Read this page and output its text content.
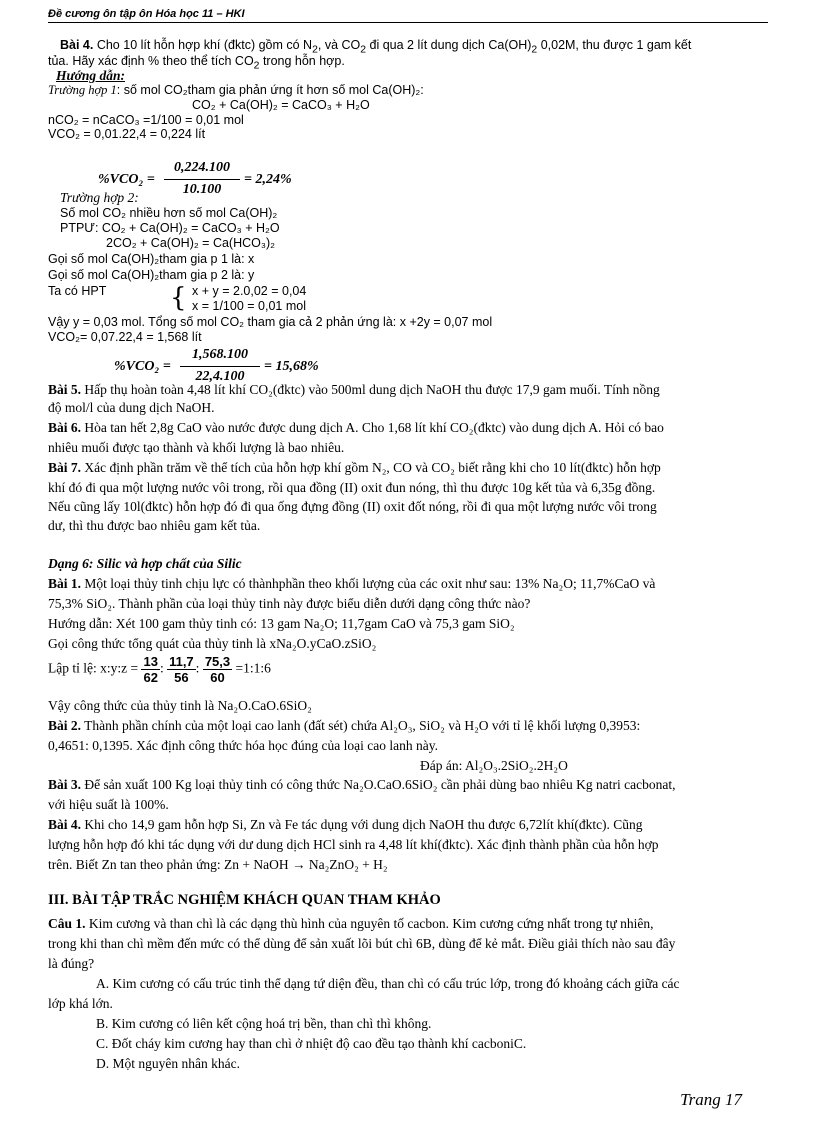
Đề cương ôn tập ôn Hóa học 11 – HKI
Bài 4. Cho 10 lít hỗn hợp khí (đktc) gồm có $N_2$, và $CO_2$ đi qua 2 lít dung dịch $Ca(OH)_2$ 0,02M, thu được 1 gam kết
tủa. Hãy xác định % theo thể tích $CO_2$ trong hỗn hợp.
Hướng dẫn:
Trường hợp 1: số mol CO₂tham gia phản ứng ít hơn số mol Ca(OH)₂:
CO₂ + Ca(OH)₂ = CaCO₃ + H₂O
nCO₂ = nCaCO₃ =1/100 = 0,01 mol
VCO₂ = 0,01.22,4 = 0,224 lít
%VCO₂ =
0,224.100
10.100
= 2,24%
Trường hợp 2:
Số mol CO₂ nhiều hơn số mol Ca(OH)₂
PTPƯ: CO₂ + Ca(OH)₂ = CaCO₃ + H₂O
2CO₂ + Ca(OH)₂ = Ca(HCO₃)₂
Gọi số mol Ca(OH)₂tham gia p 1 là: x
Gọi số mol Ca(OH)₂tham gia p 2 là: y
Ta có HPT { x + y = 2.0,02 = 0,04
x = 1/100 = 0,01 mol
Vậy y = 0,03 mol. Tổng số mol CO₂ tham gia cả 2 phản ứng là: x +2y = 0,07 mol
VCO₂= 0,07.22,4 = 1,568 lít
%VCO₂ =
1,568.100
22,4.100
= 15,68%
Bài 5. Hấp thụ hoàn toàn 4,48 lít khí CO₂(đktc) vào 500ml dung dịch NaOH thu được 17,9 gam muối. Tính nồng
độ mol/l của dung dịch NaOH.
Bài 6. Hòa tan hết 2,8g CaO vào nước được dung dịch A. Cho 1,68 lít khí CO₂(đktc) vào dung dịch A. Hỏi có bao
nhiêu muối được tạo thành và khối lượng là bao nhiêu.
Bài 7. Xác định phần trăm về thể tích của hỗn hợp khí gồm N₂, CO và CO₂ biết rằng khi cho 10 lít(đktc) hỗn hợp
khí đó đi qua một lượng nước vôi trong, rồi qua đồng (II) oxit đun nóng, thì thu được 10g kết tủa và 6,35g đồng.
Nếu cũng lấy 10l(đktc) hỗn hợp đó đi qua ống đựng đồng (II) oxit đốt nóng, rồi đi qua một lượng nước vôi trong
dư, thì thu được bao nhiêu gam kết tủa.
Dạng 6: Silic và hợp chất của Silic
Bài 1. Một loại thủy tinh chịu lực có thànhphần theo khối lượng của các oxit như sau: 13% Na₂O; 11,7%CaO và
75,3% SiO₂. Thành phần của loại thủy tinh này được biểu diễn dưới dạng công thức nào?
Hướng dẫn: Xét 100 gam thủy tinh có: 13 gam Na₂O; 11,7gam CaO và 75,3 gam SiO₂
Gọi công thức tổng quát của thủy tinh là xNa₂O.yCaO.zSiO₂
Lập tỉ lệ: x:y:z = $\frac{13}{62}$ : $\frac{11,7}{56}$ : $\frac{75,3}{60}$ =1:1:6
Vậy công thức của thủy tinh là Na₂O.CaO.6SiO₂
Bài 2. Thành phần chính của một loại cao lanh (đất sét) chứa Al₂O₃, SiO₂ và H₂O với tỉ lệ khối lượng 0,3953:
0,4651: 0,1395. Xác định công thức hóa học đúng của loại cao lanh này.
Đáp án: Al₂O₃.2SiO₂.2H₂O
Bài 3. Để sản xuất 100 Kg loại thủy tinh có công thức Na₂O.CaO.6SiO₂ cần phải dùng bao nhiêu Kg natri cacbonat,
với hiệu suất là 100%.
Bài 4. Khi cho 14,9 gam hỗn hợp Si, Zn và Fe tác dụng với dung dịch NaOH thu được 6,72lít khí(đktc). Cũng
lượng hỗn hợp đó khi tác dụng với dư dung dịch HCl sinh ra 4,48 lít khí(đktc). Xác định thành phần của hỗn hợp
trên. Biết Zn tan theo phản ứng: Zn + NaOH → Na₂ZnO₂ + H₂
III. BÀI TẬP TRẮC NGHIỆM KHÁCH QUAN THAM KHẢO
Câu 1. Kim cương và than chì là các dạng thù hình của nguyên tố cacbon. Kim cương cứng nhất trong tự nhiên,
trong khi than chì mềm đến mức có thể dùng để sản xuất lõi bút chì 6B, dùng để kẻ mắt. Điều giải thích nào sau đây
là đúng?
A. Kim cương có cấu trúc tinh thể dạng tứ diện đều, than chì có cấu trúc lớp, trong đó khoảng cách giữa các
lớp khá lớn.
B. Kim cương có liên kết cộng hoá trị bền, than chì thì không.
C. Đốt cháy kim cương hay than chì ở nhiệt độ cao đều tạo thành khí cacboniC.
D. Một nguyên nhân khác.
Trang 17
